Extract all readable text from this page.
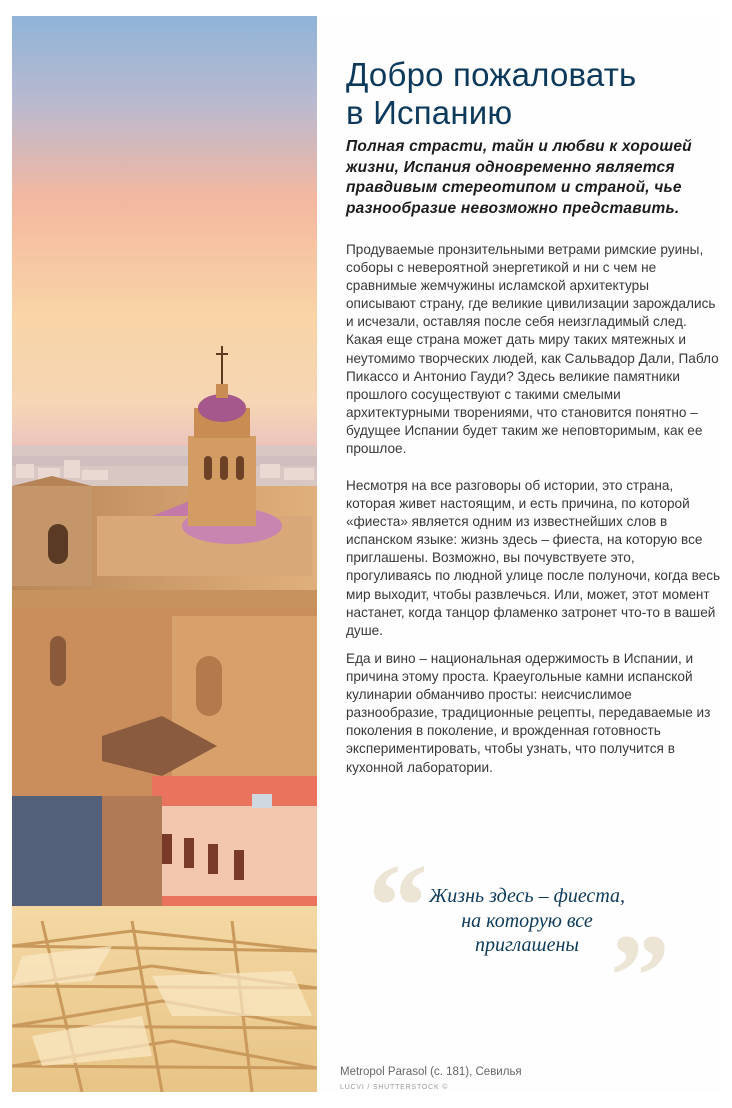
Добро пожаловать
в Испанию

Полная страсти, тайн и любви к хорошей жизни, Испания одновременно является правдивым стереотипом и страной, чье разнообразие невозможно представить.

Продуваемые пронзительными ветрами римские руины, соборы с невероятной энергетикой и ни с чем не сравнимые жемчужины исламской архитектуры описывают страну, где великие цивилизации зарождались и исчезали, оставляя после себя неизгладимый след. Какая еще страна может дать миру таких мятежных и неутомимо творческих людей, как Сальвадор Дали, Пабло Пикассо и Антонио Гауди? Здесь великие памятники прошлого сосуществуют с такими смелыми архитектурными творениями, что становится понятно – будущее Испании будет таким же неповторимым, как ее прошлое.

Несмотря на все разговоры об истории, это страна, которая живет настоящим, и есть причина, по которой «фиеста» является одним из известнейших слов в испанском языке: жизнь здесь – фиеста, на которую все приглашены. Возможно, вы почувствуете это, прогуливаясь по людной улице после полуночи, когда весь мир выходит, чтобы развлечься. Или, может, этот момент настанет, когда танцор фламенко затронет что-то в вашей душе.

Еда и вино – национальная одержимость в Испании, и причина этому проста. Краеугольные камни испанской кулинарии обманчиво просты: неисчислимое разнообразие, традиционные рецепты, передаваемые из поколения в поколение, и врожденная готовность экспериментировать, чтобы узнать, что получится в кухонной лаборатории.

“
”
Жизнь здесь – фиеста,
на которую все
приглашены
Metropol Parasol (с. 181), Севилья
LUCVI / SHUTTERSTOCK ©
